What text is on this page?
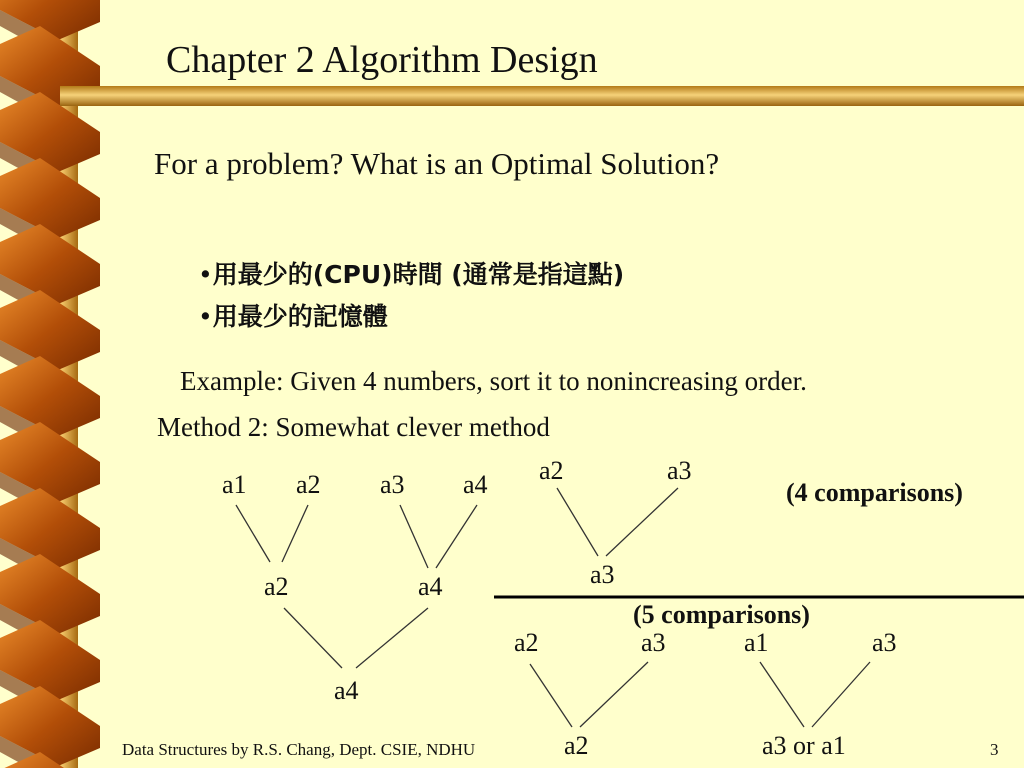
Chapter 2 Algorithm Design
For a problem? What is an Optimal Solution?
•用最少的(CPU)時間 (通常是指這點)
•用最少的記憶體
Example: Given 4 numbers, sort it to nonincreasing order.
Method 2: Somewhat clever method
a1 a2 a3 a4
a2	a4
a4
a2	a3
a3
(4 comparisons)
(5 comparisons)
a2	a3	a1	a3
a2	a3 or a1
Data Structures by R.S. Chang, Dept. CSIE, NDHU	3
